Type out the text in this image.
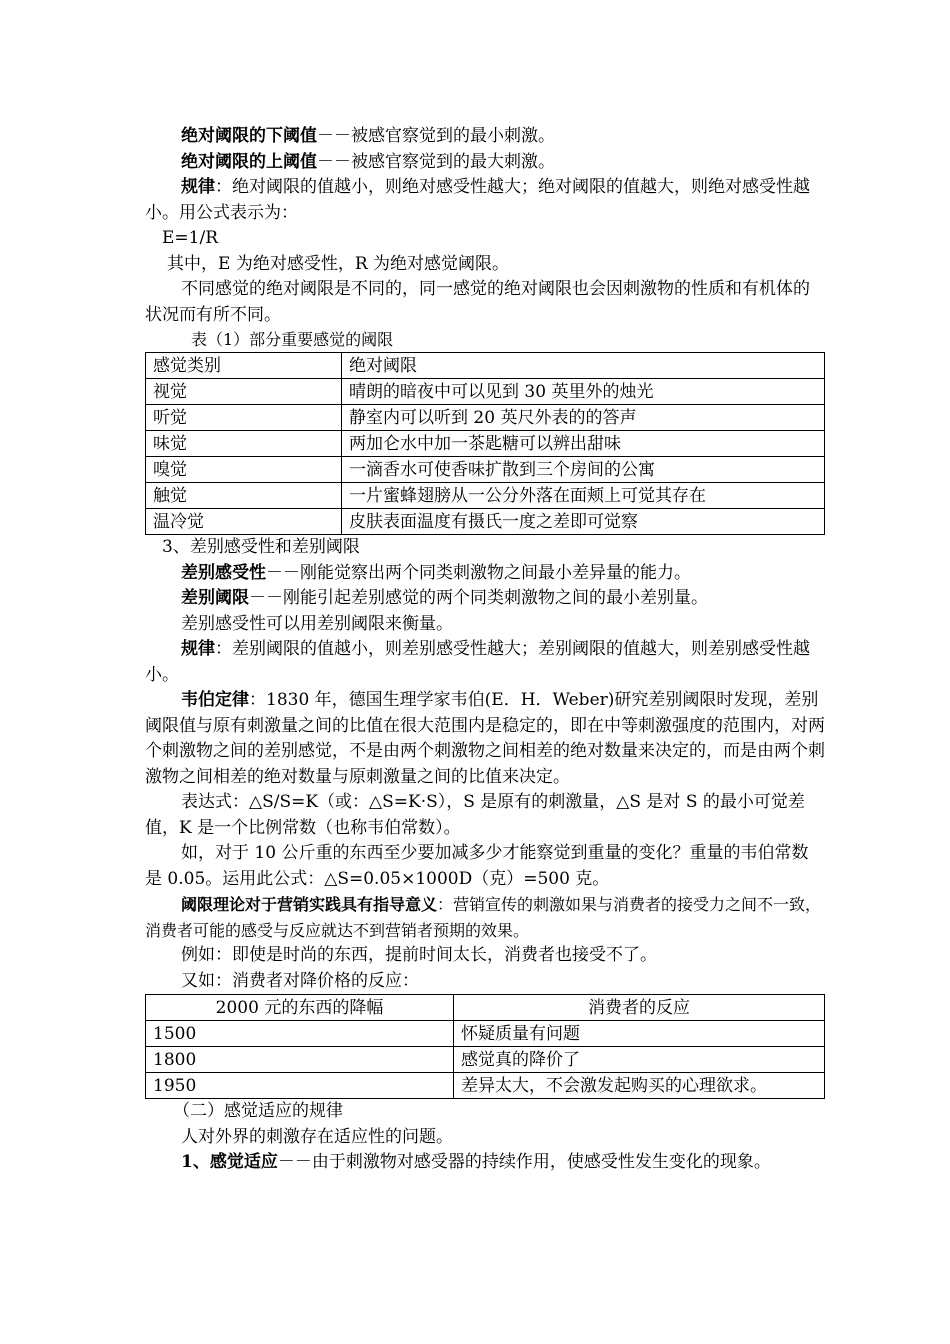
绝对阈限的下阈值－－被感官察觉到的最小刺激。

绝对阈限的上阈值－－被感官察觉到的最大刺激。

规律：绝对阈限的值越小，则绝对感受性越大；绝对阈限的值越大，则绝对感受性越小。用公式表示为：

E=1/R

其中，E 为绝对感受性，R 为绝对感觉阈限。

不同感觉的绝对阈限是不同的，同一感觉的绝对阈限也会因刺激物的性质和有机体的状况而有所不同。

表（1）部分重要感觉的阈限

感觉类别	绝对阈限
视觉	晴朗的暗夜中可以见到 30 英里外的烛光
听觉	静室内可以听到 20 英尺外表的的答声
味觉	两加仑水中加一茶匙糖可以辨出甜味
嗅觉	一滴香水可使香味扩散到三个房间的公寓
触觉	一片蜜蜂翅膀从一公分外落在面颊上可觉其存在
温冷觉	皮肤表面温度有摄氏一度之差即可觉察

3、差别感受性和差别阈限

差别感受性－－刚能觉察出两个同类刺激物之间最小差异量的能力。

差别阈限－－刚能引起差别感觉的两个同类刺激物之间的最小差别量。

差别感受性可以用差别阈限来衡量。

规律：差别阈限的值越小，则差别感受性越大；差别阈限的值越大，则差别感受性越小。

韦伯定律：1830 年，德国生理学家韦伯(E．H．Weber)研究差别阈限时发现，差别阈限值与原有刺激量之间的比值在很大范围内是稳定的，即在中等刺激强度的范围内，对两个刺激物之间的差别感觉，不是由两个刺激物之间相差的绝对数量来决定的，而是由两个刺激物之间相差的绝对数量与原刺激量之间的比值来决定。

表达式：△S/S=K（或：△S=K·S），S 是原有的刺激量，△S 是对 S 的最小可觉差值，K 是一个比例常数（也称韦伯常数）。

如，对于 10 公斤重的东西至少要加减多少才能察觉到重量的变化？重量的韦伯常数是 0.05。运用此公式：△S=0.05×1000D（克）=500 克。

阈限理论对于营销实践具有指导意义：营销宣传的刺激如果与消费者的接受力之间不一致，消费者可能的感受与反应就达不到营销者预期的效果。

例如：即使是时尚的东西，提前时间太长，消费者也接受不了。

又如：消费者对降价格的反应：

2000 元的东西的降幅	消费者的反应
1500	怀疑质量有问题
1800	感觉真的降价了
1950	差异太大，不会激发起购买的心理欲求。

（二）感觉适应的规律

人对外界的刺激存在适应性的问题。

1、感觉适应－－由于刺激物对感受器的持续作用，使感受性发生变化的现象。
